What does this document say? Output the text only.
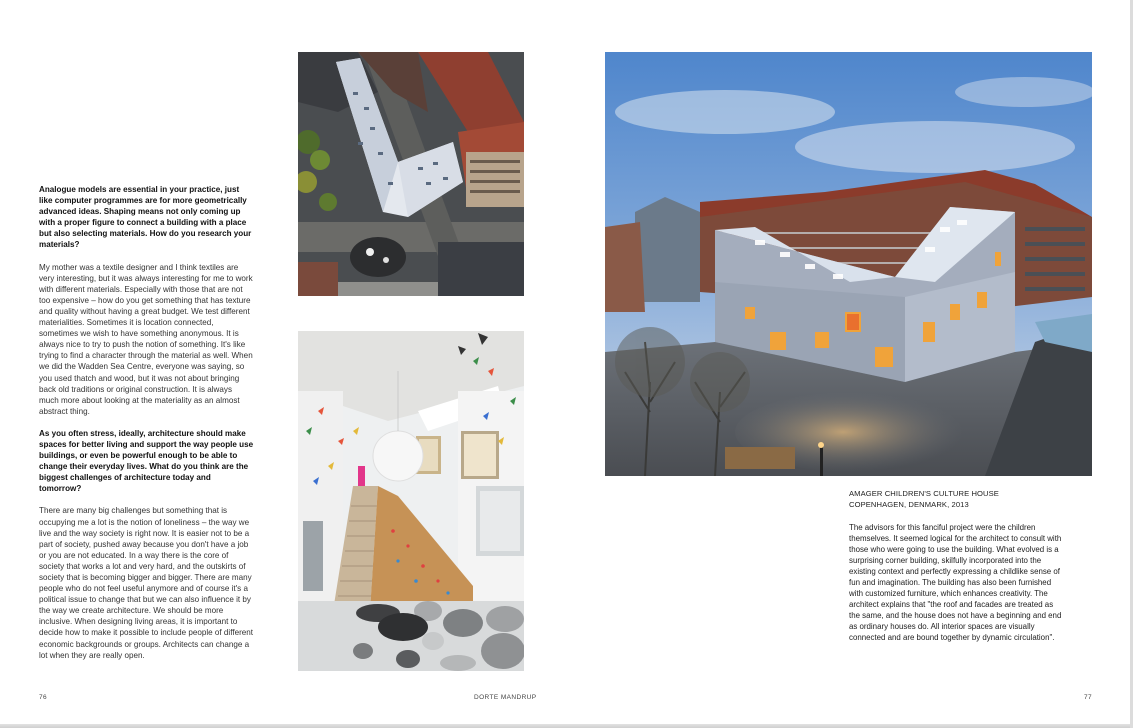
Analogue models are essential in your practice, just like computer programmes are for more geometrically advanced ideas. Shaping means not only coming up with a proper figure to connect a building with a place but also selecting materials. How do you research your materials?

My mother was a textile designer and I think textiles are very interesting, but it was always interesting for me to work with different materials. Especially with those that are not too expensive – how do you get something that has texture and quality without having a great budget. We test different materialities. Sometimes it is location connected, sometimes we wish to have something anonymous. It is always nice to try to push the notion of something. It's like trying to find a character through the material as well. When we did the Wadden Sea Centre, everyone was saying, so you used thatch and wood, but it was not about bringing back old traditions or original construction. It is always much more about looking at the materiality as an almost abstract thing.

As you often stress, ideally, architecture should make spaces for better living and support the way people use buildings, or even be powerful enough to be able to change their everyday lives. What do you think are the biggest challenges of architecture today and tomorrow?

There are many big challenges but something that is occupying me a lot is the notion of loneliness – the way we live and the way society is right now. It is easier not to be a part of society, pushed away because you don't have a job or you are not educated. In a way there is the core of society that works a lot and very hard, and the outskirts of society that is becoming bigger and bigger. There are many people who do not feel useful anymore and of course it's a political issue to change that but we can also influence it by the way we create architecture. We should be more inclusive. When designing living areas, it is important to decide how to make it possible to include people of different economic backgrounds or groups. Architects can change a lot when they are really open.

AMAGER CHILDREN'S CULTURE HOUSE
COPENHAGEN, DENMARK, 2013
The advisors for this fanciful project were the children themselves. It seemed logical for the architect to consult with those who were going to use the building. What evolved is a surprising corner building, skilfully incorporated into the existing context and perfectly expressing a childlike sense of fun and imagination. The building has also been furnished with customized furniture, which enhances creativity. The architect explains that "the roof and facades are treated as the same, and the house does not have a beginning and end as ordinary houses do. All interior spaces are visually connected and are bound together by dynamic circulation".
76	DORTE MANDRUP	77
